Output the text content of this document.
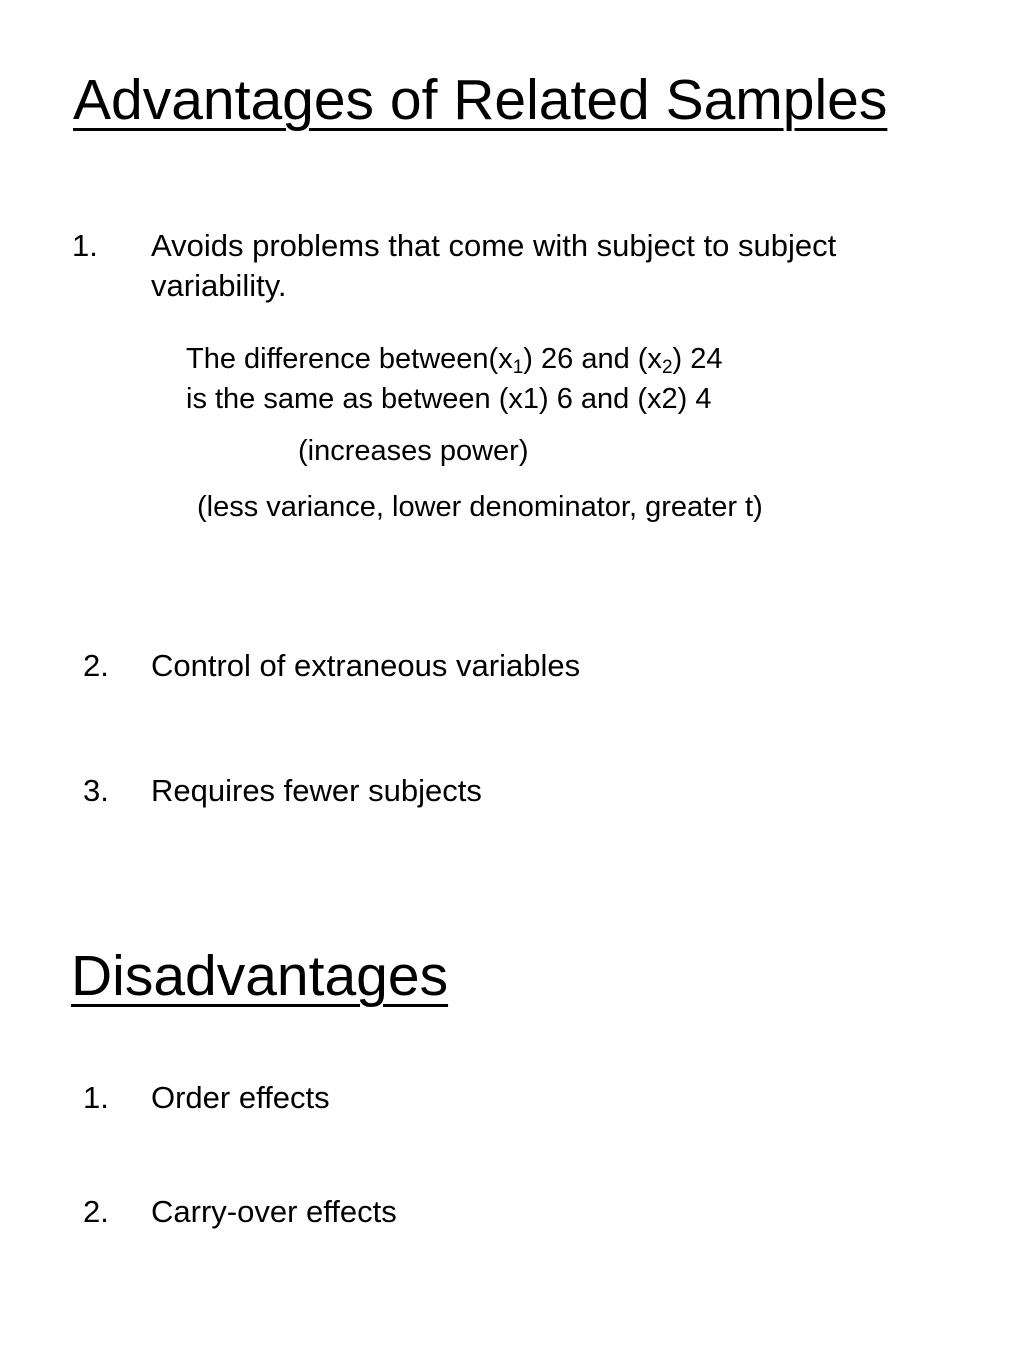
Advantages of Related Samples
1. Avoids problems that come with subject to subject
variability.
The difference $between(x_1)$ 26 and $(x_2)$ 24
is the same as between (x1) 6 and (x2) 4
(increases power)
(less variance, lower denominator, greater t)
2. Control of extraneous variables
3. Requires fewer subjects
Disadvantages
1. Order effects
2. Carry-over effects
